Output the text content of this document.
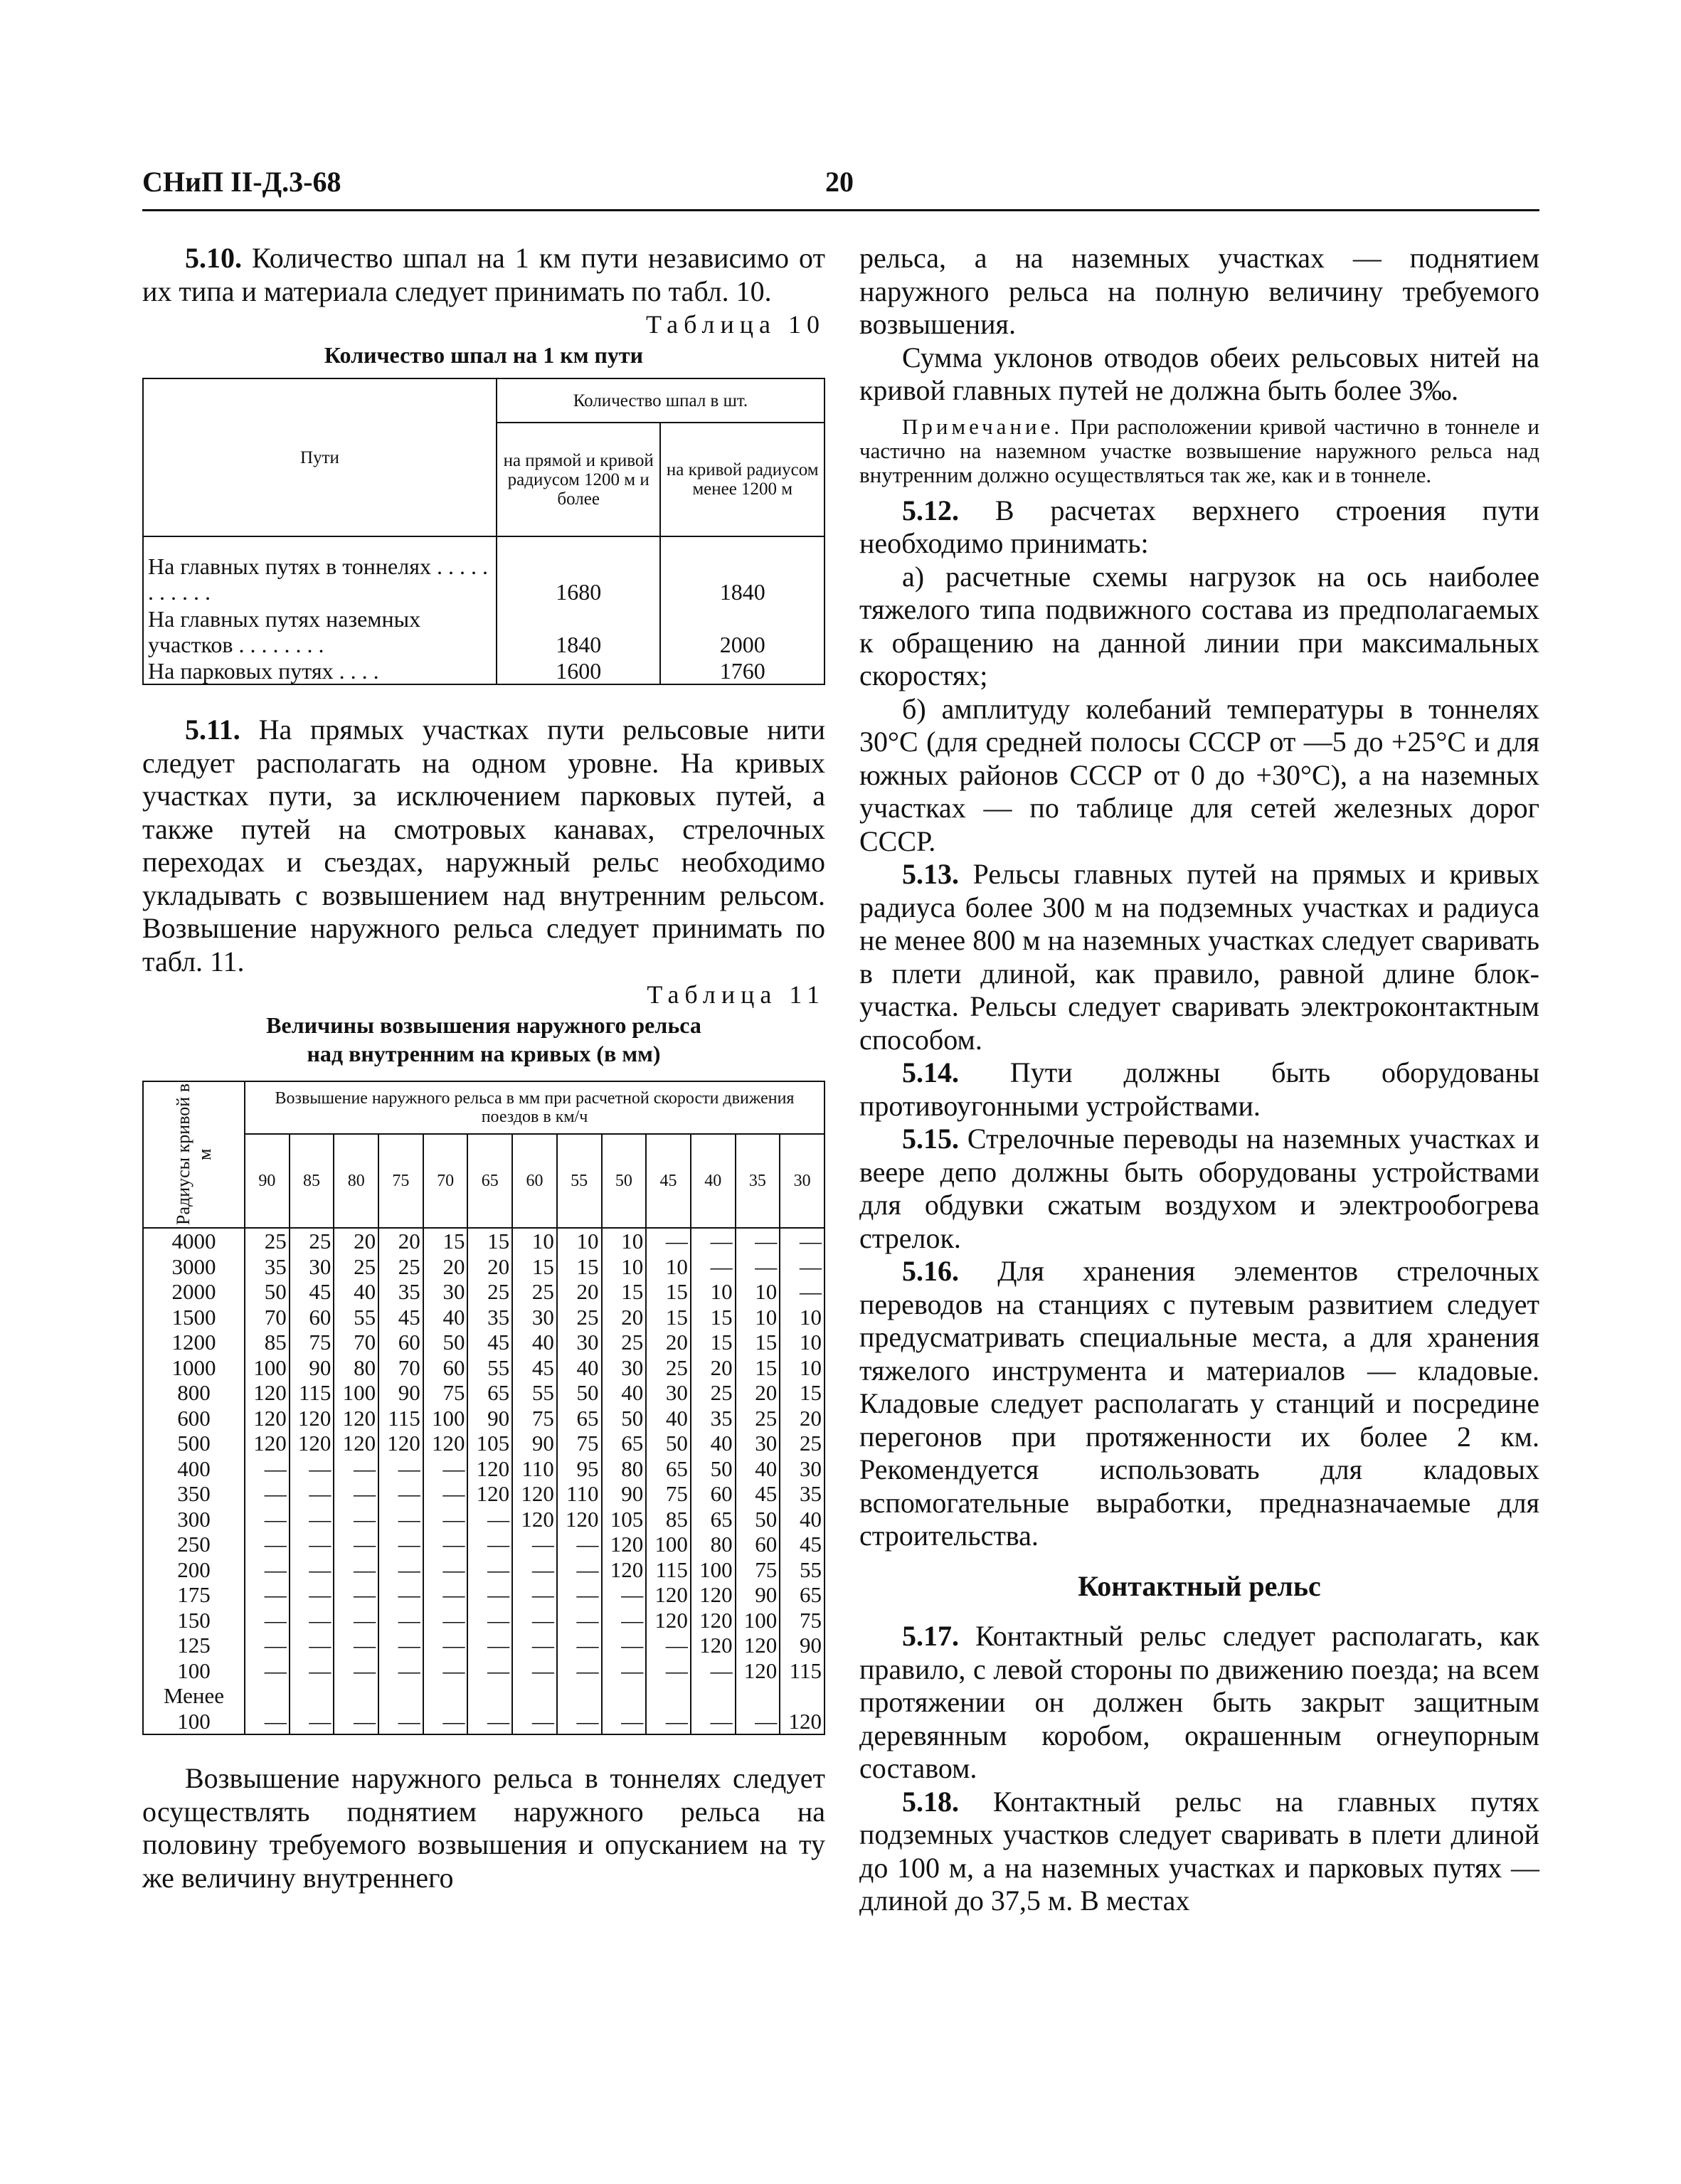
СНиП II-Д.3-68	20

5.10. Количество шпал на 1 км пути независимо от их типа и материала следует принимать по табл. 10.

Таблица 10
Количество шпал на 1 км пути
Пути	Количество шпал в шт.	
	на прямой и кривой радиусом 1200 м и более	на кривой радиусом менее 1200 м
На главных путях в тоннелях . . . . . . . . . . .	1680	1840
На главных путях наземных участков . . . . . . . .	1840	2000
На парковых путях . . . .	1600	1760

5.11. На прямых участках пути рельсовые нити следует располагать на одном уровне. На кривых участках пути, за исключением парковых путей, а также путей на смотровых канавах, стрелочных переходах и съездах, наружный рельс необходимо укладывать с возвышением над внутренним рельсом. Возвышение наружного рельса следует принимать по табл. 11.

Таблица 11
Величины возвышения наружного рельса
над внутренним на кривых (в мм)
Радиусы кривой в м	Возвышение наружного рельса в мм при расчетной скорости движения поездов в км/ч												
	90	85	80	75	70	65	60	55	50	45	40	35	30
4000	25	25	20	20	15	15	10	10	10	—	—	—	—
3000	35	30	25	25	20	20	15	15	10	10	—	—	—
2000	50	45	40	35	30	25	25	20	15	15	10	10	—
1500	70	60	55	45	40	35	30	25	20	15	15	10	10
1200	85	75	70	60	50	45	40	30	25	20	15	15	10
1000	100	90	80	70	60	55	45	40	30	25	20	15	10
800	120	115	100	90	75	65	55	50	40	30	25	20	15
600	120	120	120	115	100	90	75	65	50	40	35	25	20
500	120	120	120	120	120	105	90	75	65	50	40	30	25
400	—	—	—	—	—	120	110	95	80	65	50	40	30
350	—	—	—	—	—	120	120	110	90	75	60	45	35
300	—	—	—	—	—	—	120	120	105	85	65	50	40
250	—	—	—	—	—	—	—	—	120	100	80	60	45
200	—	—	—	—	—	—	—	—	120	115	100	75	55
175	—	—	—	—	—	—	—	—	—	120	120	90	65
150	—	—	—	—	—	—	—	—	—	120	120	100	75
125	—	—	—	—	—	—	—	—	—	—	120	120	90
100	—	—	—	—	—	—	—	—	—	—	—	120	115
Менее													
100	—	—	—	—	—	—	—	—	—	—	—	—	120

Возвышение наружного рельса в тоннелях следует осуществлять поднятием наружного рельса на половину требуемого возвышения и опусканием на ту же величину внутреннего

рельса, а на наземных участках — поднятием наружного рельса на полную величину требуемого возвышения.

Сумма уклонов отводов обеих рельсовых нитей на кривой главных путей не должна быть более 3‰.

Примечание. При расположении кривой частично в тоннеле и частично на наземном участке возвышение наружного рельса над внутренним должно осуществляться так же, как и в тоннеле.

5.12. В расчетах верхнего строения пути необходимо принимать:

а) расчетные схемы нагрузок на ось наиболее тяжелого типа подвижного состава из предполагаемых к обращению на данной линии при максимальных скоростях;

б) амплитуду колебаний температуры в тоннелях 30°С (для средней полосы СССР от —5 до +25°С и для южных районов СССР от 0 до +30°С), а на наземных участках — по таблице для сетей железных дорог СССР.

5.13. Рельсы главных путей на прямых и кривых радиуса более 300 м на подземных участках и радиуса не менее 800 м на наземных участках следует сваривать в плети длиной, как правило, равной длине блок-участка. Рельсы следует сваривать электроконтактным способом.

5.14. Пути должны быть оборудованы противоугонными устройствами.

5.15. Стрелочные переводы на наземных участках и веере депо должны быть оборудованы устройствами для обдувки сжатым воздухом и электрообогрева стрелок.

5.16. Для хранения элементов стрелочных переводов на станциях с путевым развитием следует предусматривать специальные места, а для хранения тяжелого инструмента и материалов — кладовые. Кладовые следует располагать у станций и посредине перегонов при протяженности их более 2 км. Рекомендуется использовать для кладовых вспомогательные выработки, предназначаемые для строительства.

Контактный рельс

5.17. Контактный рельс следует располагать, как правило, с левой стороны по движению поезда; на всем протяжении он должен быть закрыт защитным деревянным коробом, окрашенным огнеупорным составом.

5.18. Контактный рельс на главных путях подземных участков следует сваривать в плети длиной до 100 м, а на наземных участках и парковых путях — длиной до 37,5 м. В местах
